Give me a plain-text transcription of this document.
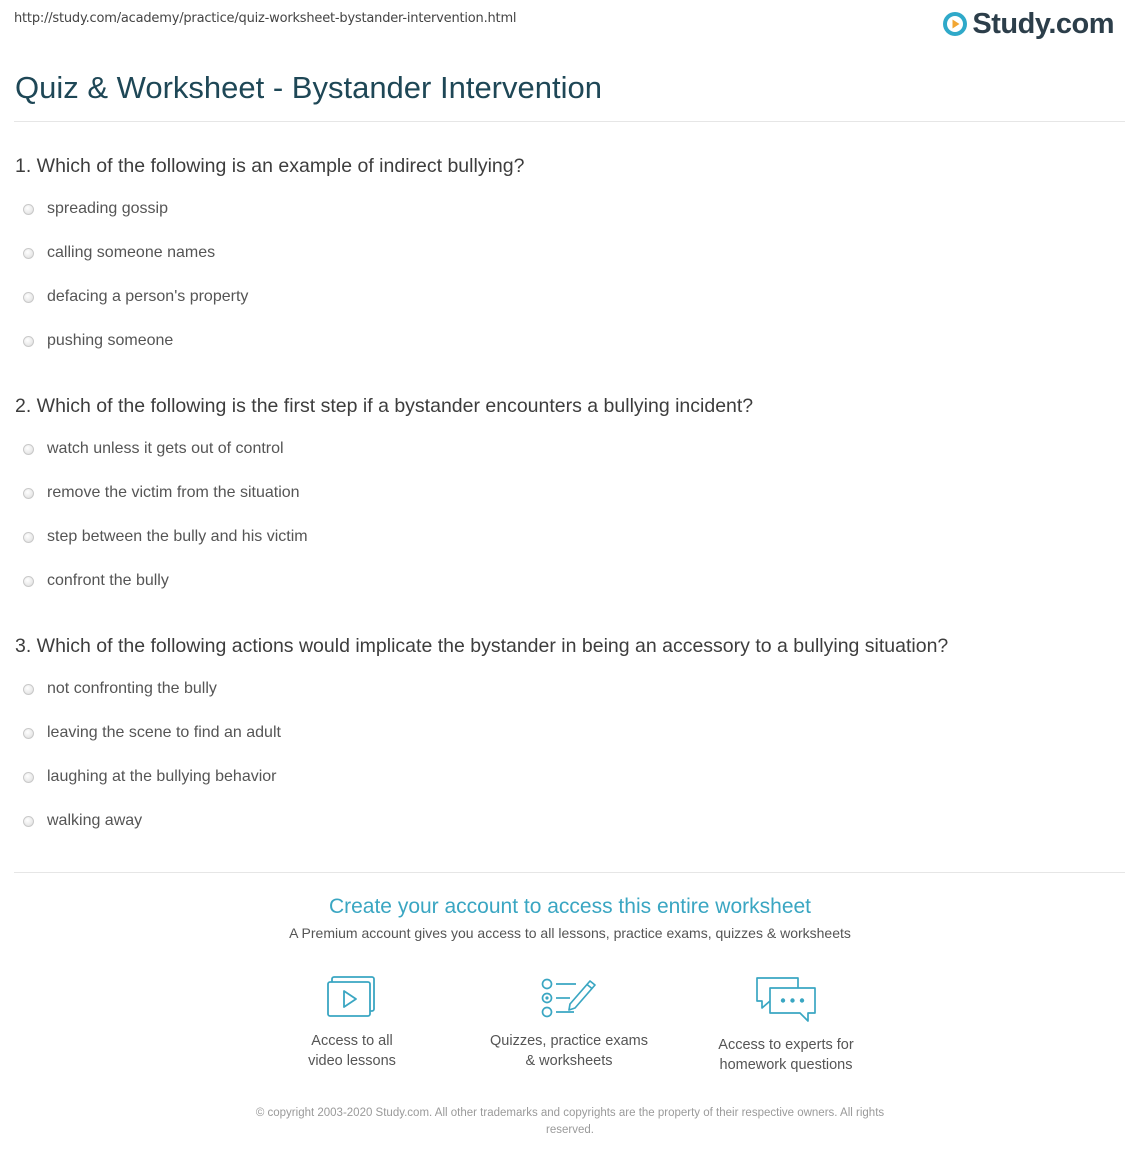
http://study.com/academy/practice/quiz-worksheet-bystander-intervention.html	Study.com
Quiz & Worksheet - Bystander Intervention

1. Which of the following is an example of indirect bullying?

spreading gossip
calling someone names
defacing a person's property
pushing someone

2. Which of the following is the first step if a bystander encounters a bullying incident?

watch unless it gets out of control
remove the victim from the situation
step between the bully and his victim
confront the bully

3. Which of the following actions would implicate the bystander in being an accessory to a bullying situation?

not confronting the bully
leaving the scene to find an adult
laughing at the bullying behavior
walking away
Create your account to access this entire worksheet
A Premium account gives you access to all lessons, practice exams, quizzes & worksheets
Access to all
video lessons
Quizzes, practice exams
& worksheets
Access to experts for
homework questions
© copyright 2003-2020 Study.com. All other trademarks and copyrights are the property of their respective owners. All rights
reserved.
